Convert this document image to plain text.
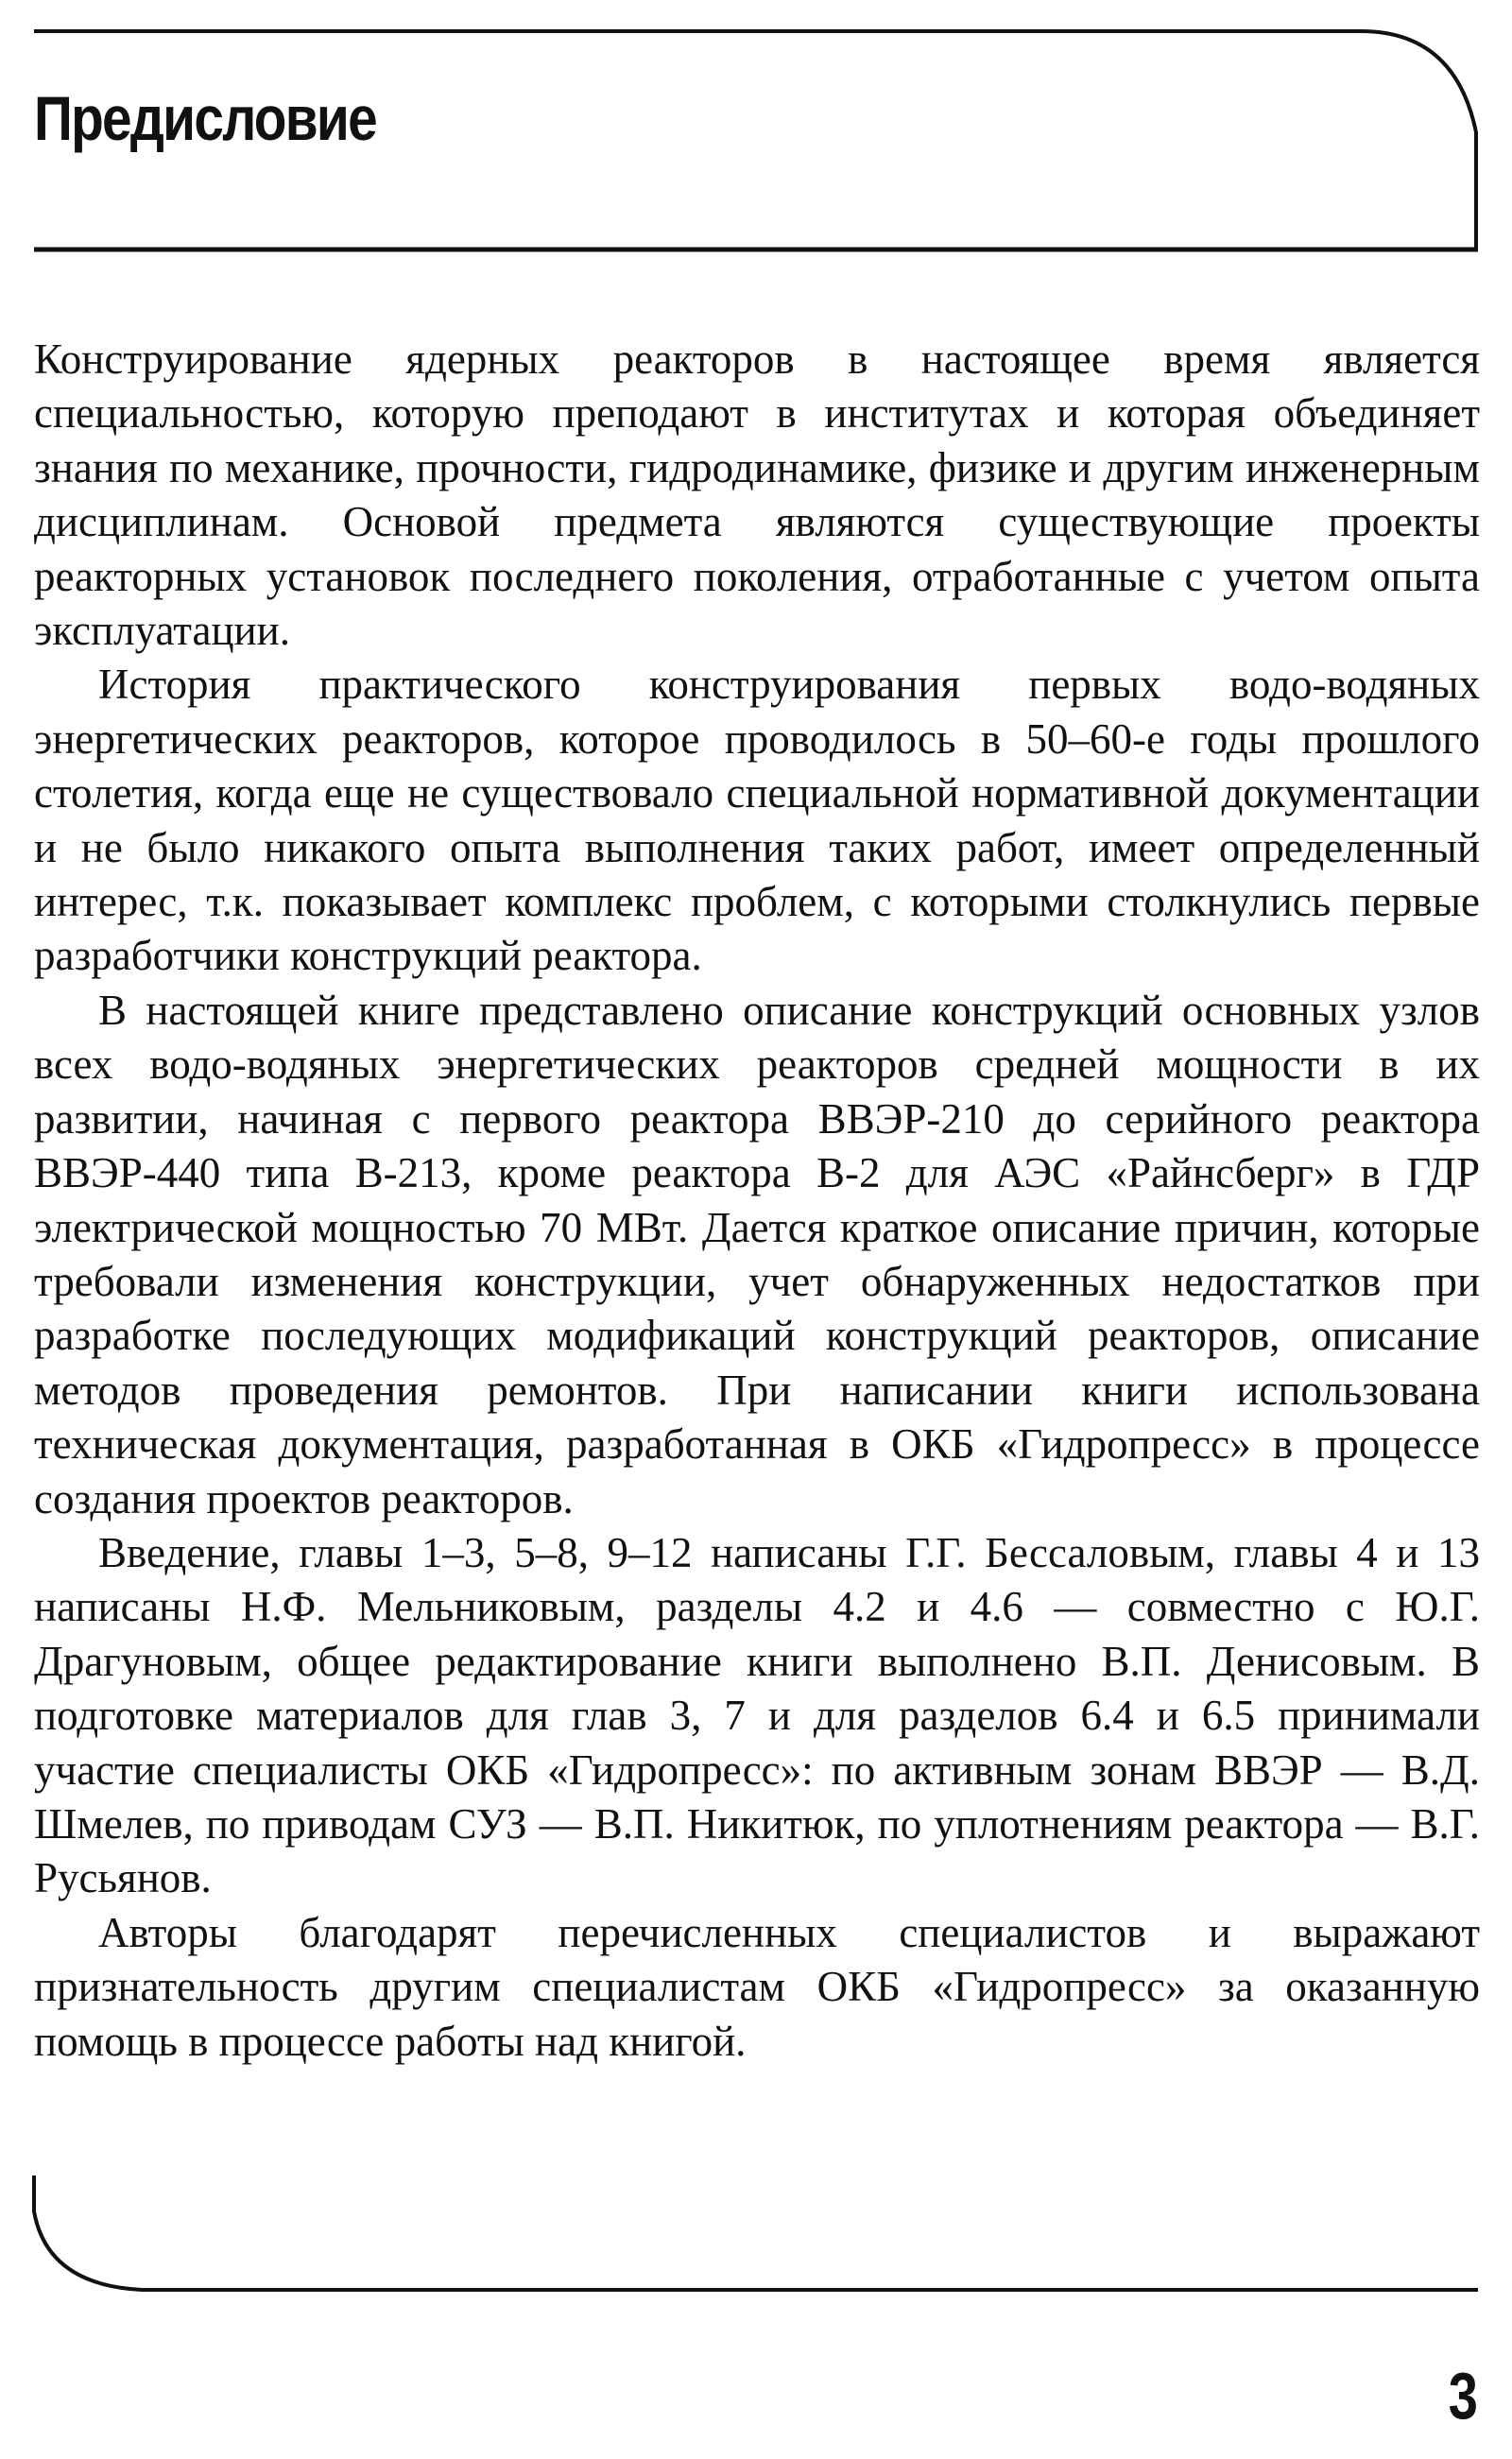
Предисловие

Конструирование ядерных реакторов в настоящее время является специальностью, которую преподают в институтах и которая объединяет знания по механике, прочности, гидродинамике, физике и другим инженерным дисциплинам. Основой предмета являются существующие проекты реакторных установок последнего поколения, отработанные с учетом опыта эксплуатации.

История практического конструирования первых водо-водяных энергетических реакторов, которое проводилось в 50–60-е годы прошлого столетия, когда еще не существовало специальной нормативной документации и не было никакого опыта выполнения таких работ, имеет определенный интерес, т.к. показывает комплекс проблем, с которыми столкнулись первые разработчики конструкций реактора.

В настоящей книге представлено описание конструкций основных узлов всех водо-водяных энергетических реакторов средней мощности в их развитии, начиная с первого реактора ВВЭР-210 до серийного реактора ВВЭР-440 типа В-213, кроме реактора В-2 для АЭС «Райнсберг» в ГДР электрической мощностью 70 МВт. Дается краткое описание причин, которые требовали изменения конструкции, учет обнаруженных недостатков при разработке последующих модификаций конструкций реакторов, описание методов проведения ремонтов. При написании книги использована техническая документация, разработанная в ОКБ «Гидропресс» в процессе создания проектов реакторов.

Введение, главы 1–3, 5–8, 9–12 написаны Г.Г. Бессаловым, главы 4 и 13 написаны Н.Ф. Мельниковым, разделы 4.2 и 4.6 — совместно с Ю.Г. Драгуновым, общее редактирование книги выполнено В.П. Денисовым. В подготовке материалов для глав 3, 7 и для разделов 6.4 и 6.5 принимали участие специалисты ОКБ «Гидропресс»: по активным зонам ВВЭР — В.Д. Шмелев, по приводам СУЗ — В.П. Никитюк, по уплотнениям реактора — В.Г. Русьянов.

Авторы благодарят перечисленных специалистов и выражают признательность другим специалистам ОКБ «Гидропресс» за оказанную помощь в процессе работы над книгой.

3
